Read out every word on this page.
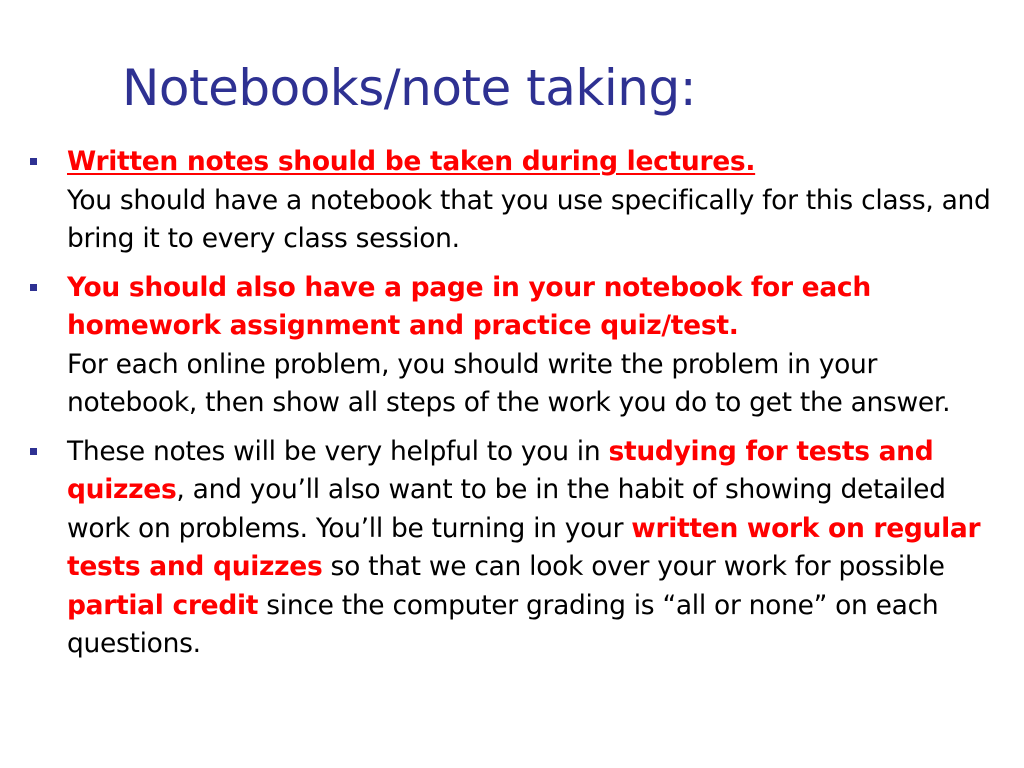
Notebooks/note taking:
Written notes should be taken during lectures.
You should have a notebook that you use specifically for this class, and bring it to every class session.
You should also have a page in your notebook for each homework assignment and practice quiz/test.
For each online problem, you should write the problem in your notebook, then show all steps of the work you do to get the answer.
These notes will be very helpful to you in studying for tests and quizzes, and you’ll also want to be in the habit of showing detailed work on problems. You’ll be turning in your written work on regular tests and quizzes so that we can look over your work for possible partial credit since the computer grading is “all or none” on each questions.
